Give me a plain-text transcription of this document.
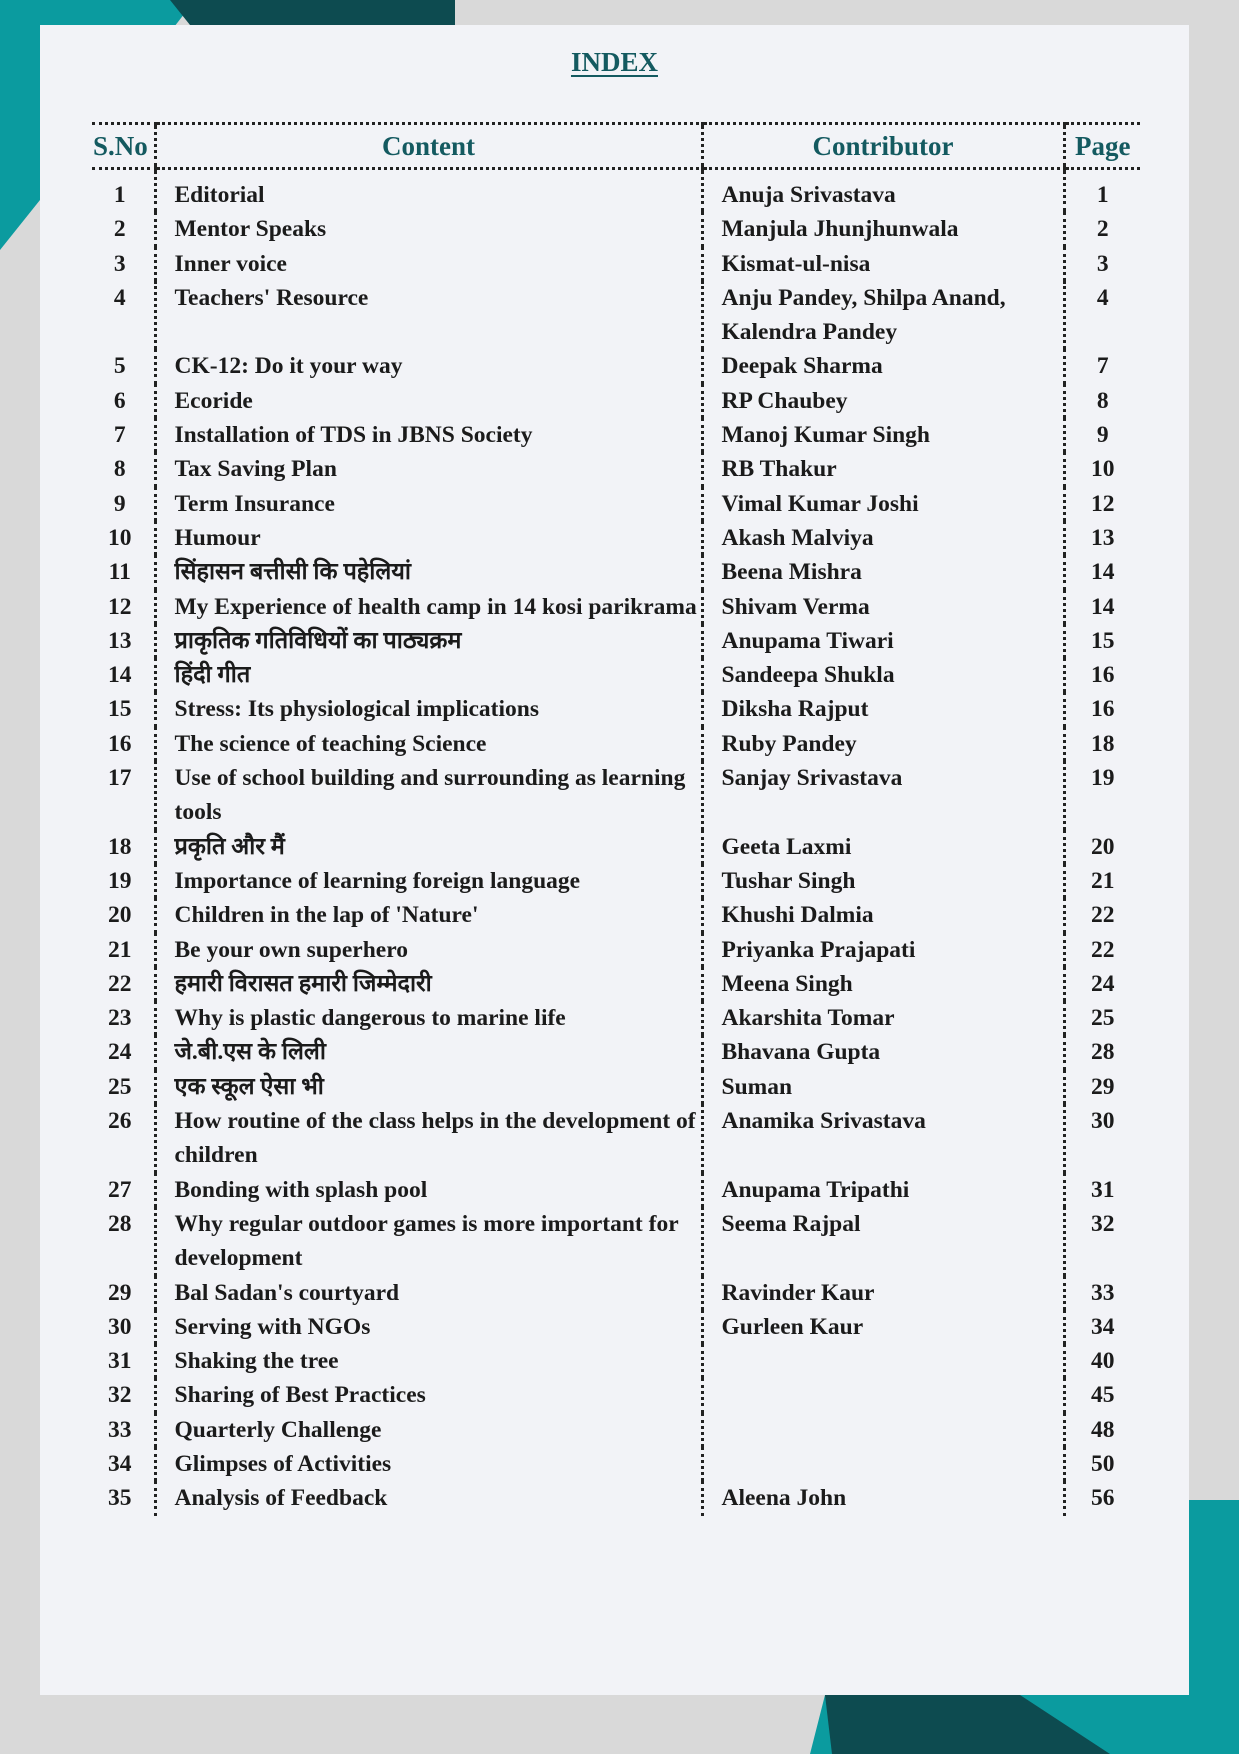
INDEX
S.No	Content	Contributor	Page
1	Editorial	Anuja Srivastava	1
2	Mentor Speaks	Manjula Jhunjhunwala	2
3	Inner voice	Kismat-ul-nisa	3
4	Teachers' Resource	Anju Pandey, Shilpa Anand, Kalendra Pandey	4
5	CK-12: Do it your way	Deepak Sharma	7
6	Ecoride	RP Chaubey	8
7	Installation of TDS in JBNS Society	Manoj Kumar Singh	9
8	Tax Saving Plan	RB Thakur	10
9	Term Insurance	Vimal Kumar Joshi	12
10	Humour	Akash Malviya	13
11	सिंहासन बत्तीसी कि पहेलियां	Beena Mishra	14
12	My Experience of health camp in 14 kosi parikrama	Shivam Verma	14
13	प्राकृतिक गतिविधियों का पाठ्यक्रम	Anupama Tiwari	15
14	हिंदी गीत	Sandeepa Shukla	16
15	Stress: Its physiological implications	Diksha Rajput	16
16	The science of teaching Science	Ruby Pandey	18
17	Use of school building and surrounding as learning tools	Sanjay Srivastava	19
18	प्रकृति और मैं	Geeta Laxmi	20
19	Importance of learning foreign language	Tushar Singh	21
20	Children in the lap of 'Nature'	Khushi Dalmia	22
21	Be your own superhero	Priyanka Prajapati	22
22	हमारी विरासत हमारी जिम्मेदारी	Meena Singh	24
23	Why is plastic dangerous to marine life	Akarshita Tomar	25
24	जे.बी.एस के लिली	Bhavana Gupta	28
25	एक स्कूल ऐसा भी	Suman	29
26	How routine of the class helps in the development of children	Anamika Srivastava	30
27	Bonding with splash pool	Anupama Tripathi	31
28	Why regular outdoor games is more important for development	Seema Rajpal	32
29	Bal Sadan's courtyard	Ravinder Kaur	33
30	Serving with NGOs	Gurleen Kaur	34
31	Shaking the tree		40
32	Sharing of Best Practices		45
33	Quarterly Challenge		48
34	Glimpses of Activities		50
35	Analysis of Feedback	Aleena John	56
